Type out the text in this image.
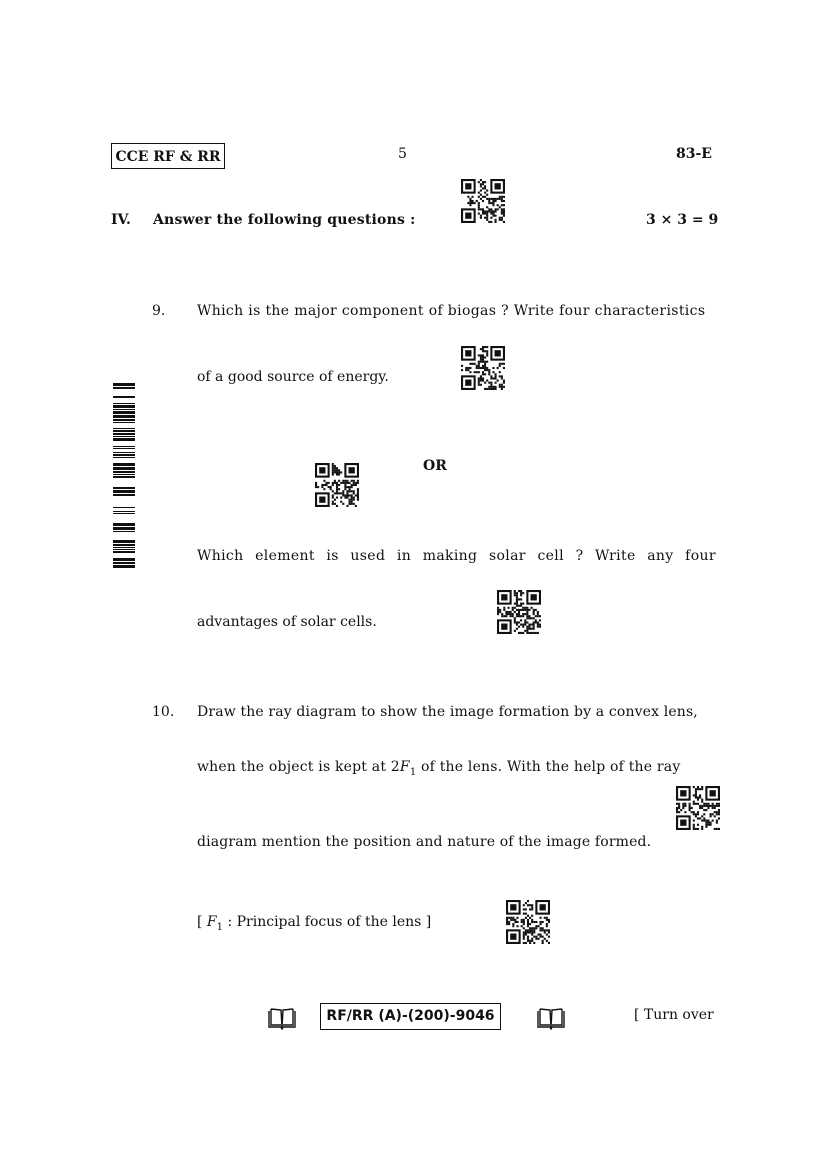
CCE RF & RR	5	83-E
IV. Answer the following questions :	3 × 3 = 9
9. Which is the major component of biogas ? Write four characteristics
of a good source of energy.
OR
Which element is used in making solar cell ? Write any four
advantages of solar cells.
10. Draw the ray diagram to show the image formation by a convex lens,
when the object is kept at $2F_1$ of the lens. With the help of the ray
diagram mention the position and nature of the image formed.
[ $F_1$ : Principal focus of the lens ]
RF/RR (A)-(200)-9046	[ Turn over
